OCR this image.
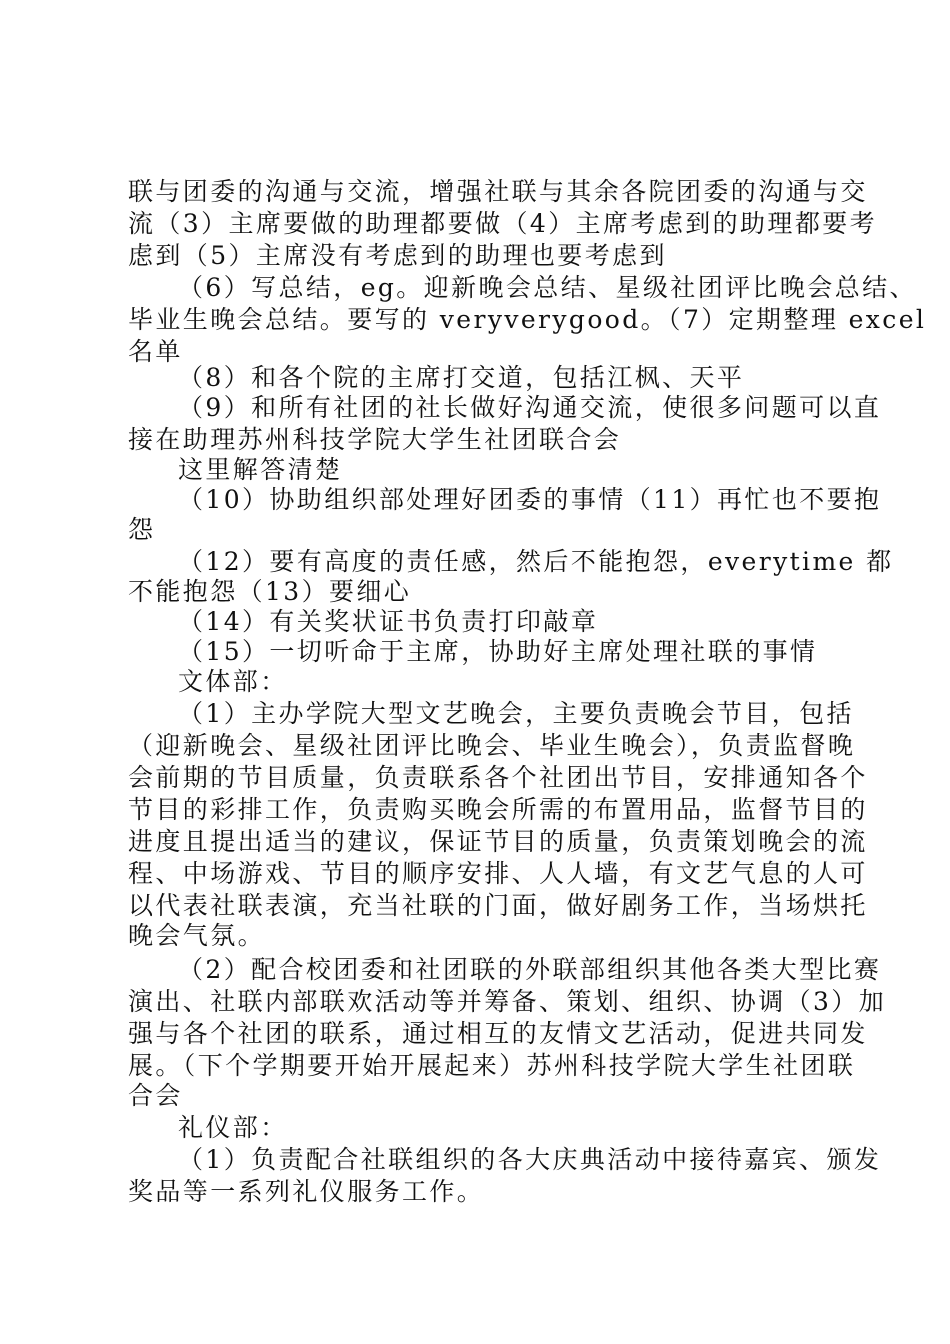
联与团委的沟通与交流，增强社联与其余各院团委的沟通与交

流（3）主席要做的助理都要做（4）主席考虑到的助理都要考

虑到（5）主席没有考虑到的助理也要考虑到

（6）写总结，eg。迎新晚会总结、星级社团评比晚会总结、

毕业生晚会总结。要写的 veryverygood。（7）定期整理 excel

名单

（8）和各个院的主席打交道，包括江枫、天平

（9）和所有社团的社长做好沟通交流，使很多问题可以直

接在助理苏州科技学院大学生社团联合会

这里解答清楚

（10）协助组织部处理好团委的事情（11）再忙也不要抱

怨

（12）要有高度的责任感，然后不能抱怨，everytime 都

不能抱怨（13）要细心

（14）有关奖状证书负责打印敲章

（15）一切听命于主席，协助好主席处理社联的事情

文体部：

（1）主办学院大型文艺晚会，主要负责晚会节目，包括

（迎新晚会、星级社团评比晚会、毕业生晚会），负责监督晚

会前期的节目质量，负责联系各个社团出节目，安排通知各个

节目的彩排工作，负责购买晚会所需的布置用品，监督节目的

进度且提出适当的建议，保证节目的质量，负责策划晚会的流

程、中场游戏、节目的顺序安排、人人墙，有文艺气息的人可

以代表社联表演，充当社联的门面，做好剧务工作，当场烘托

晚会气氛。

（2）配合校团委和社团联的外联部组织其他各类大型比赛

演出、社联内部联欢活动等并筹备、策划、组织、协调（3）加

强与各个社团的联系，通过相互的友情文艺活动，促进共同发

展。（下个学期要开始开展起来）苏州科技学院大学生社团联

合会

礼仪部：

（1）负责配合社联组织的各大庆典活动中接待嘉宾、颁发

奖品等一系列礼仪服务工作。
